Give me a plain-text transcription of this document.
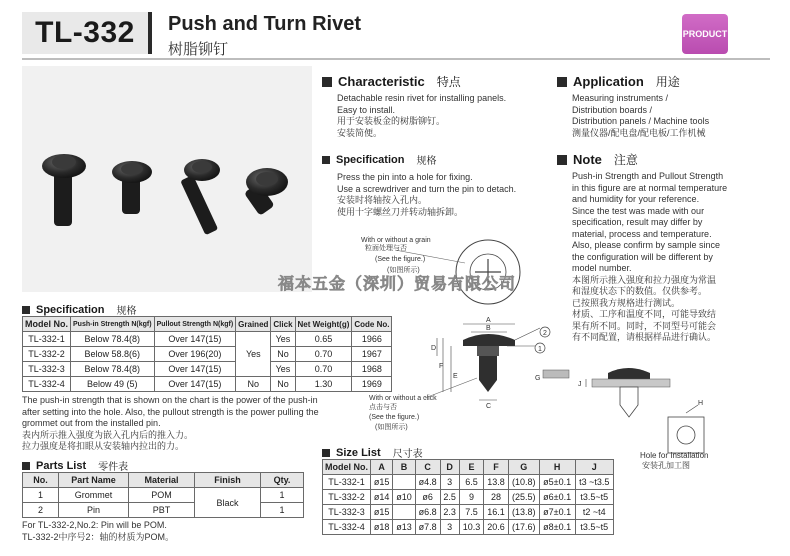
TL-332 Push and Turn Rivet
树脂铆钉
PRODUCT
Characteristic 特点
Detachable resin rivet for installing panels.
Easy to install.
用于安装板金的树脂铆钉。
安装简便。
Specification 规格
Press the pin into a hole for fixing.
Use a screwdriver and turn the pin to detach.
安装时将轴按入孔内。
使用十字螺丝刀并转动轴拆卸。
Application 用途
Measuring instruments /
Distribution boards /
Distribution panels / Machine tools
测量仪器/配电盘/配电板/工作机械
Note 注意
Push-in Strength and Pullout Strength
in this figure are at normal temperature
and humidity for your reference.
Since the test was made with our
specification, result may differ by
material, process and temperature.
Also, please confirm by sample since
the configuration will be different by
model number.
本图所示推入强度和拉力强度为常温
和湿度状态下的数值。仅供参考。
已按照我方规格进行测试。
材质、工序和温度不同，可能导致结
果有所不同。同时，不同型号可能会
有不同配置，请根据样品进行确认。
A
B
D
F
E
C
2
1
G
With or without a grain
粒面处理与否
(See the figure.)
(如图所示)
With or without a click
点击与否
(See the figure.)
(如图所示)
J
H
Hole for Installation
安装孔加工图
福本五金（深圳）贸易有限公司
Specification 规格
Model No.	Push-in Strength N(kgf)	Pullout Strength N(kgf)	Grained	Click	Net Weight(g)	Code No.
TL-332-1	Below 78.4(8)	Over 147(15)	Yes	Yes	0.65	1966
TL-332-2	Below 58.8(6)	Over 196(20)		No	0.70	1967
TL-332-3	Below 78.4(8)	Over 147(15)		Yes	0.70	1968
TL-332-4	Below 49 (5)	Over 147(15)	No	No	1.30	1969
The push-in strength that is shown on the chart is the power of the push-in
after setting into the hole. Also, the pullout strength is the power pulling the
grommet out from the installed pin.
表内所示推入强度为嵌入孔内后的推入力。
拉力强度是将扣眼从安装轴内拉出的力。
Parts List 零件表
No.	Part Name	Material	Finish	Qty.
1	Grommet	POM	Black	1
2	Pin	PBT		1
For TL-332-2,No.2: Pin will be POM.
TL-332-2中序号2：轴的材质为POM。
Size List 尺寸表
Model No.	A	B	C	D	E	F	G	H	J
TL-332-1	ø15		ø4.8	3	6.5	13.8	(10.8)	ø5±0.1	t3 ~t3.5
TL-332-2	ø14	ø10	ø6	2.5	9	28	(25.5)	ø6±0.1	t3.5~t5
TL-332-3	ø15		ø6.8	2.3	7.5	16.1	(13.8)	ø7±0.1	t2 ~t4
TL-332-4	ø18	ø13	ø7.8	3	10.3	20.6	(17.6)	ø8±0.1	t3.5~t5
